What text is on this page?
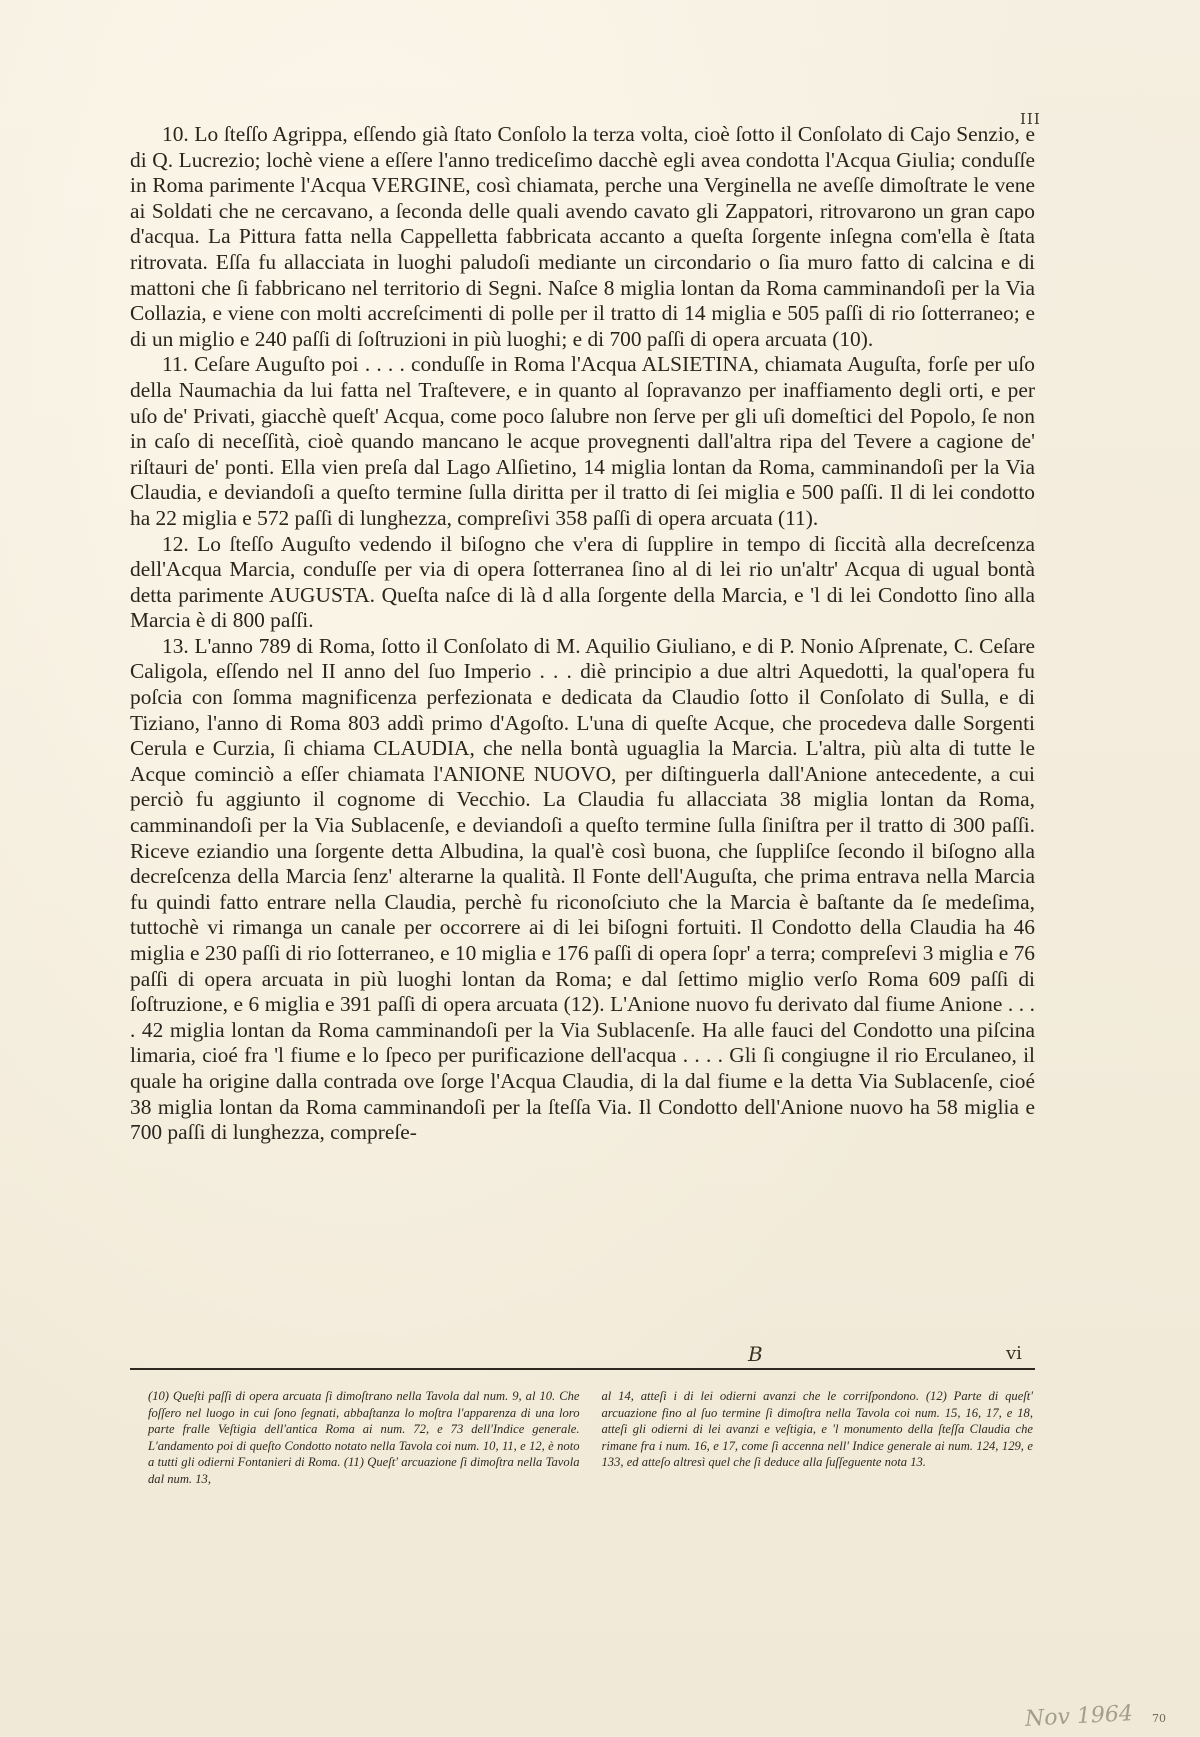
III

10. Lo ſteſſo Agrippa, eſſendo già ſtato Conſolo la terza volta, cioè ſotto il Conſolato di Cajo Senzio, e di Q. Lucrezio; lochè viene a eſſere l'anno trediceſimo dacchè egli avea condotta l'Acqua Giulia; conduſſe in Roma parimente l'Acqua VERGINE, così chiamata, perche una Verginella ne aveſſe dimoſtrate le vene ai Soldati che ne cercavano, a ſeconda delle quali avendo cavato gli Zappatori, ritrovarono un gran capo d'acqua. La Pittura fatta nella Cappelletta fabbricata accanto a queſta ſorgente inſegna com'ella è ſtata ritrovata. Eſſa fu allacciata in luoghi paludoſi mediante un circondario o ſia muro fatto di calcina e di mattoni che ſi fabbricano nel territorio di Segni. Naſce 8 miglia lontan da Roma camminandoſi per la Via Collazia, e viene con molti accreſcimenti di polle per il tratto di 14 miglia e 505 paſſi di rio ſotterraneo; e di un miglio e 240 paſſi di ſoſtruzioni in più luoghi; e di 700 paſſi di opera arcuata (10).

11. Ceſare Auguſto poi . . . . conduſſe in Roma l'Acqua ALSIETINA, chiamata Auguſta, forſe per uſo della Naumachia da lui fatta nel Traſtevere, e in quanto al ſopravanzo per inaffiamento degli orti, e per uſo de' Privati, giacchè queſt' Acqua, come poco ſalubre non ſerve per gli uſi domeſtici del Popolo, ſe non in caſo di neceſſità, cioè quando mancano le acque provegnenti dall'altra ripa del Tevere a cagione de' riſtauri de' ponti. Ella vien preſa dal Lago Alſietino, 14 miglia lontan da Roma, camminandoſi per la Via Claudia, e deviandoſi a queſto termine ſulla diritta per il tratto di ſei miglia e 500 paſſi. Il di lei condotto ha 22 miglia e 572 paſſi di lunghezza, compreſivi 358 paſſi di opera arcuata (11).

12. Lo ſteſſo Auguſto vedendo il biſogno che v'era di ſupplire in tempo di ſiccità alla decreſcenza dell'Acqua Marcia, conduſſe per via di opera ſotterranea ſino al di lei rio un'altr' Acqua di ugual bontà detta parimente AUGUSTA. Queſta naſce di là d alla ſorgente della Marcia, e 'l di lei Condotto ſino alla Marcia è di 800 paſſi.

13. L'anno 789 di Roma, ſotto il Conſolato di M. Aquilio Giuliano, e di P. Nonio Aſprenate, C. Ceſare Caligola, eſſendo nel II anno del ſuo Imperio . . . diè principio a due altri Aquedotti, la qual'opera fu poſcia con ſomma magnificenza perfezionata e dedicata da Claudio ſotto il Conſolato di Sulla, e di Tiziano, l'anno di Roma 803 addì primo d'Agoſto. L'una di queſte Acque, che procedeva dalle Sorgenti Cerula e Curzia, ſi chiama CLAUDIA, che nella bontà uguaglia la Marcia. L'altra, più alta di tutte le Acque cominciò a eſſer chiamata l'ANIONE NUOVO, per diſtinguerla dall'Anione antecedente, a cui perciò fu aggiunto il cognome di Vecchio. La Claudia fu allacciata 38 miglia lontan da Roma, camminandoſi per la Via Sublacenſe, e deviandoſi a queſto termine ſulla ſiniſtra per il tratto di 300 paſſi. Riceve eziandio una ſorgente detta Albudina, la qual'è così buona, che ſuppliſce ſecondo il biſogno alla decreſcenza della Marcia ſenz' alterarne la qualità. Il Fonte dell'Auguſta, che prima entrava nella Marcia fu quindi fatto entrare nella Claudia, perchè fu riconoſciuto che la Marcia è baſtante da ſe medeſima, tuttochè vi rimanga un canale per occorrere ai di lei biſogni fortuiti. Il Condotto della Claudia ha 46 miglia e 230 paſſi di rio ſotterraneo, e 10 miglia e 176 paſſi di opera ſopr' a terra; compreſevi 3 miglia e 76 paſſi di opera arcuata in più luoghi lontan da Roma; e dal ſettimo miglio verſo Roma 609 paſſi di ſoſtruzione, e 6 miglia e 391 paſſi di opera arcuata (12). L'Anione nuovo fu derivato dal fiume Anione . . . . 42 miglia lontan da Roma camminandoſi per la Via Sublacenſe. Ha alle fauci del Condotto una piſcina limaria, cioé fra 'l fiume e lo ſpeco per purificazione dell'acqua . . . . Gli ſi congiugne il rio Erculaneo, il quale ha origine dalla contrada ove ſorge l'Acqua Claudia, di la dal fiume e la detta Via Sublacenſe, cioé 38 miglia lontan da Roma camminandoſi per la ſteſſa Via. Il Condotto dell'Anione nuovo ha 58 miglia e 700 paſſi di lunghezza, compreſe-

B	vi

(10) Queſti paſſi di opera arcuata ſi dimoſtrano nella Tavola dal num. 9, al 10. Che foſſero nel luogo in cui ſono ſegnati, abbaſtanza lo moſtra l'apparenza di una loro parte fralle Veſtigia dell'antica Roma ai num. 72, e 73 dell'Indice generale. L'andamento poi di queſto Condotto notato nella Tavola coi num. 10, 11, e 12, è noto a tutti gli odierni Fontanieri di Roma. (11) Queſt' arcuazione ſi dimoſtra nella Tavola dal num. 13,

al 14, atteſi i di lei odierni avanzi che le corriſpondono. (12) Parte di queſt' arcuazione fino al ſuo termine ſi dimoſtra nella Tavola coi num. 15, 16, 17, e 18, atteſi gli odierni di lei avanzi e veſtigia, e 'l monumento della ſteſſa Claudia che rimane fra i num. 16, e 17, come ſi accenna nell' Indice generale ai num. 124, 129, e 133, ed atteſo altresì quel che ſi deduce alla ſuſſeguente nota 13.

Nov 1964 70
